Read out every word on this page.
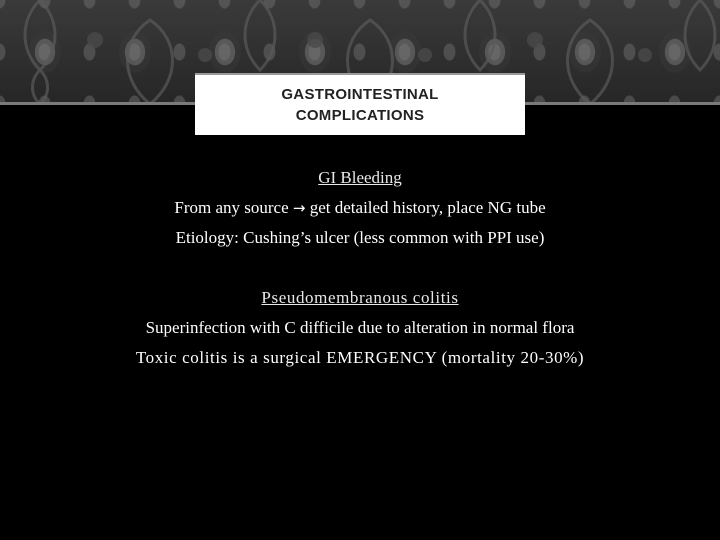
GASTROINTESTINAL
COMPLICATIONS
GI Bleeding
From any source → get detailed history, place NG tube
Etiology: Cushing’s ulcer (less common with PPI use)
Pseudomembranous colitis
Superinfection with C difficile due to alteration in normal flora
Toxic colitis is a surgical EMERGENCY (mortality 20-30%)
